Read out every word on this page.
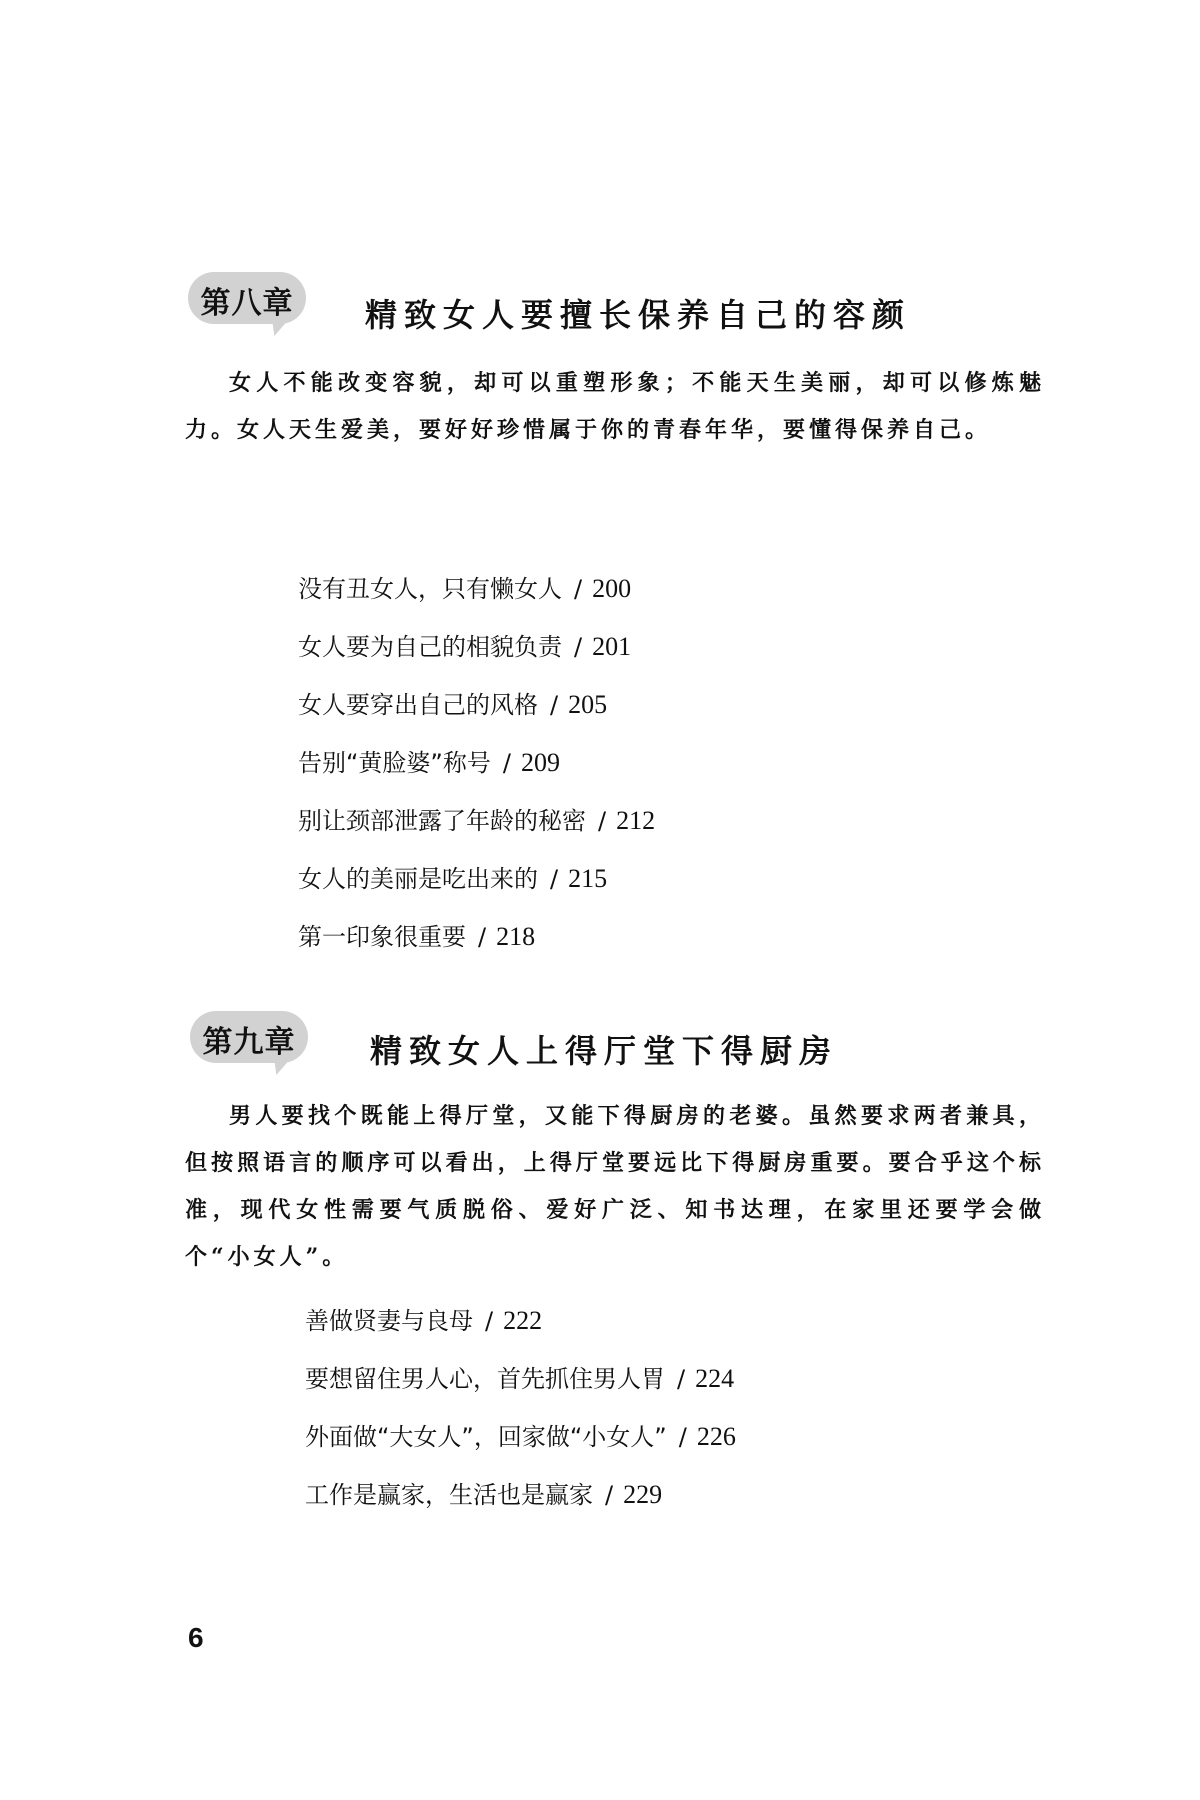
第八章	精致女人要擅长保养自己的容颜

女人不能改变容貌，却可以重塑形象；不能天生美丽，却可以修炼魅力。女人天生爱美，要好好珍惜属于你的青春年华，要懂得保养自己。

没有丑女人，只有懒女人 / 200
女人要为自己的相貌负责 / 201
女人要穿出自己的风格 / 205
告别“黄脸婆”称号 / 209
别让颈部泄露了年龄的秘密 / 212
女人的美丽是吃出来的 / 215
第一印象很重要 / 218
第九章	精致女人上得厅堂下得厨房

男人要找个既能上得厅堂，又能下得厨房的老婆。虽然要求两者兼具，但按照语言的顺序可以看出，上得厅堂要远比下得厨房重要。要合乎这个标准，现代女性需要气质脱俗、爱好广泛、知书达理，在家里还要学会做个“小女人”。

善做贤妻与良母 / 222
要想留住男人心，首先抓住男人胃 / 224
外面做“大女人”，回家做“小女人” / 226
工作是赢家，生活也是赢家 / 229
6
